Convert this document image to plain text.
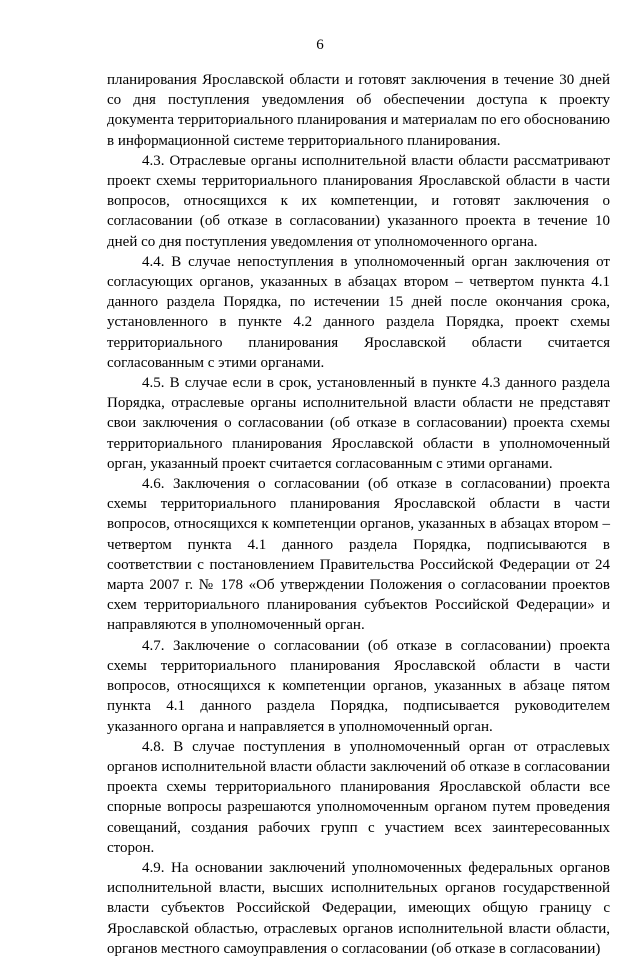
6

планирования Ярославской области и готовят заключения в течение 30 дней со дня поступления уведомления об обеспечении доступа к проекту документа территориального планирования и материалам по его обоснованию в информационной системе территориального планирования.

4.3. Отраслевые органы исполнительной власти области рассматривают проект схемы территориального планирования Ярославской области в части вопросов, относящихся к их компетенции, и готовят заключения о согласовании (об отказе в согласовании) указанного проекта в течение 10 дней со дня поступления уведомления от уполномоченного органа.

4.4. В случае непоступления в уполномоченный орган заключения от согласующих органов, указанных в абзацах втором – четвертом пункта 4.1 данного раздела Порядка, по истечении 15 дней после окончания срока, установленного в пункте 4.2 данного раздела Порядка, проект схемы территориального планирования Ярославской области считается согласованным с этими органами.

4.5. В случае если в срок, установленный в пункте 4.3 данного раздела Порядка, отраслевые органы исполнительной власти области не представят свои заключения о согласовании (об отказе в согласовании) проекта схемы территориального планирования Ярославской области в уполномоченный орган, указанный проект считается согласованным с этими органами.

4.6. Заключения о согласовании (об отказе в согласовании) проекта схемы территориального планирования Ярославской области в части вопросов, относящихся к компетенции органов, указанных в абзацах втором – четвертом пункта 4.1 данного раздела Порядка, подписываются в соответствии с постановлением Правительства Российской Федерации от 24 марта 2007 г. № 178 «Об утверждении Положения о согласовании проектов схем территориального планирования субъектов Российской Федерации» и направляются в уполномоченный орган.

4.7. Заключение о согласовании (об отказе в согласовании) проекта схемы территориального планирования Ярославской области в части вопросов, относящихся к компетенции органов, указанных в абзаце пятом пункта 4.1 данного раздела Порядка, подписывается руководителем указанного органа и направляется в уполномоченный орган.

4.8. В случае поступления в уполномоченный орган от отраслевых органов исполнительной власти области заключений об отказе в согласовании проекта схемы территориального планирования Ярославской области все спорные вопросы разрешаются уполномоченным органом путем проведения совещаний, создания рабочих групп с участием всех заинтересованных сторон.

4.9. На основании заключений уполномоченных федеральных органов исполнительной власти, высших исполнительных органов государственной власти субъектов Российской Федерации, имеющих общую границу с Ярославской областью, отраслевых органов исполнительной власти области, органов местного самоуправления о согласовании (об отказе в согласовании)
